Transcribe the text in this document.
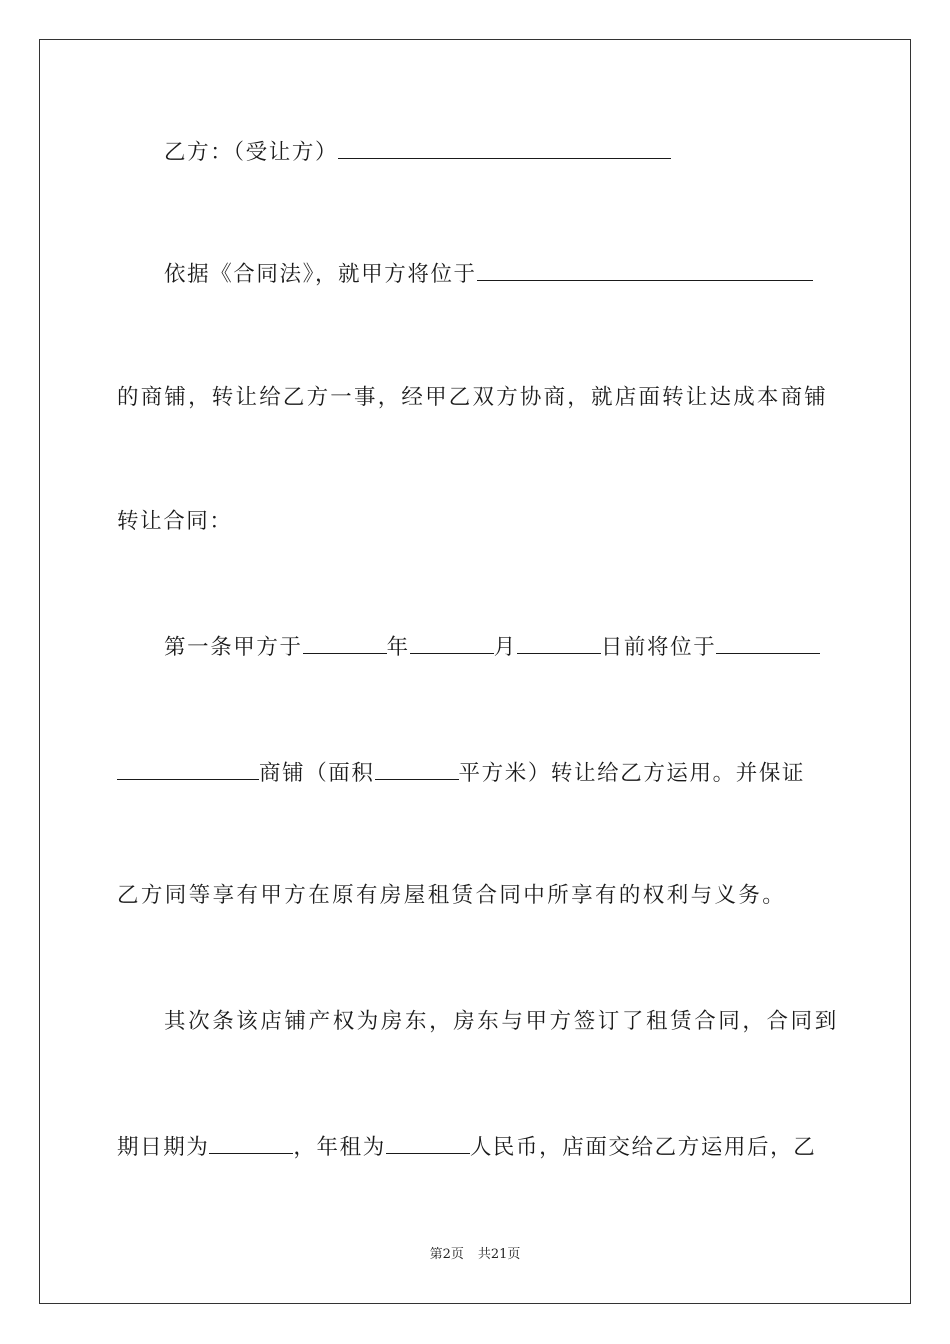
乙方：（受让方）
依据《合同法》，就甲方将位于
的商铺，转让给乙方一事，经甲乙双方协商，就店面转让达成本商铺
转让合同：
第一条甲方于	年	月	日前将位于
商铺（面积	平方米）转让给乙方运用。并保证
乙方同等享有甲方在原有房屋租赁合同中所享有的权利与义务。
其次条该店铺产权为房东，房东与甲方签订了租赁合同，合同到
期日期为	，年租为	人民币，店面交给乙方运用后，乙
第2页 共21页
